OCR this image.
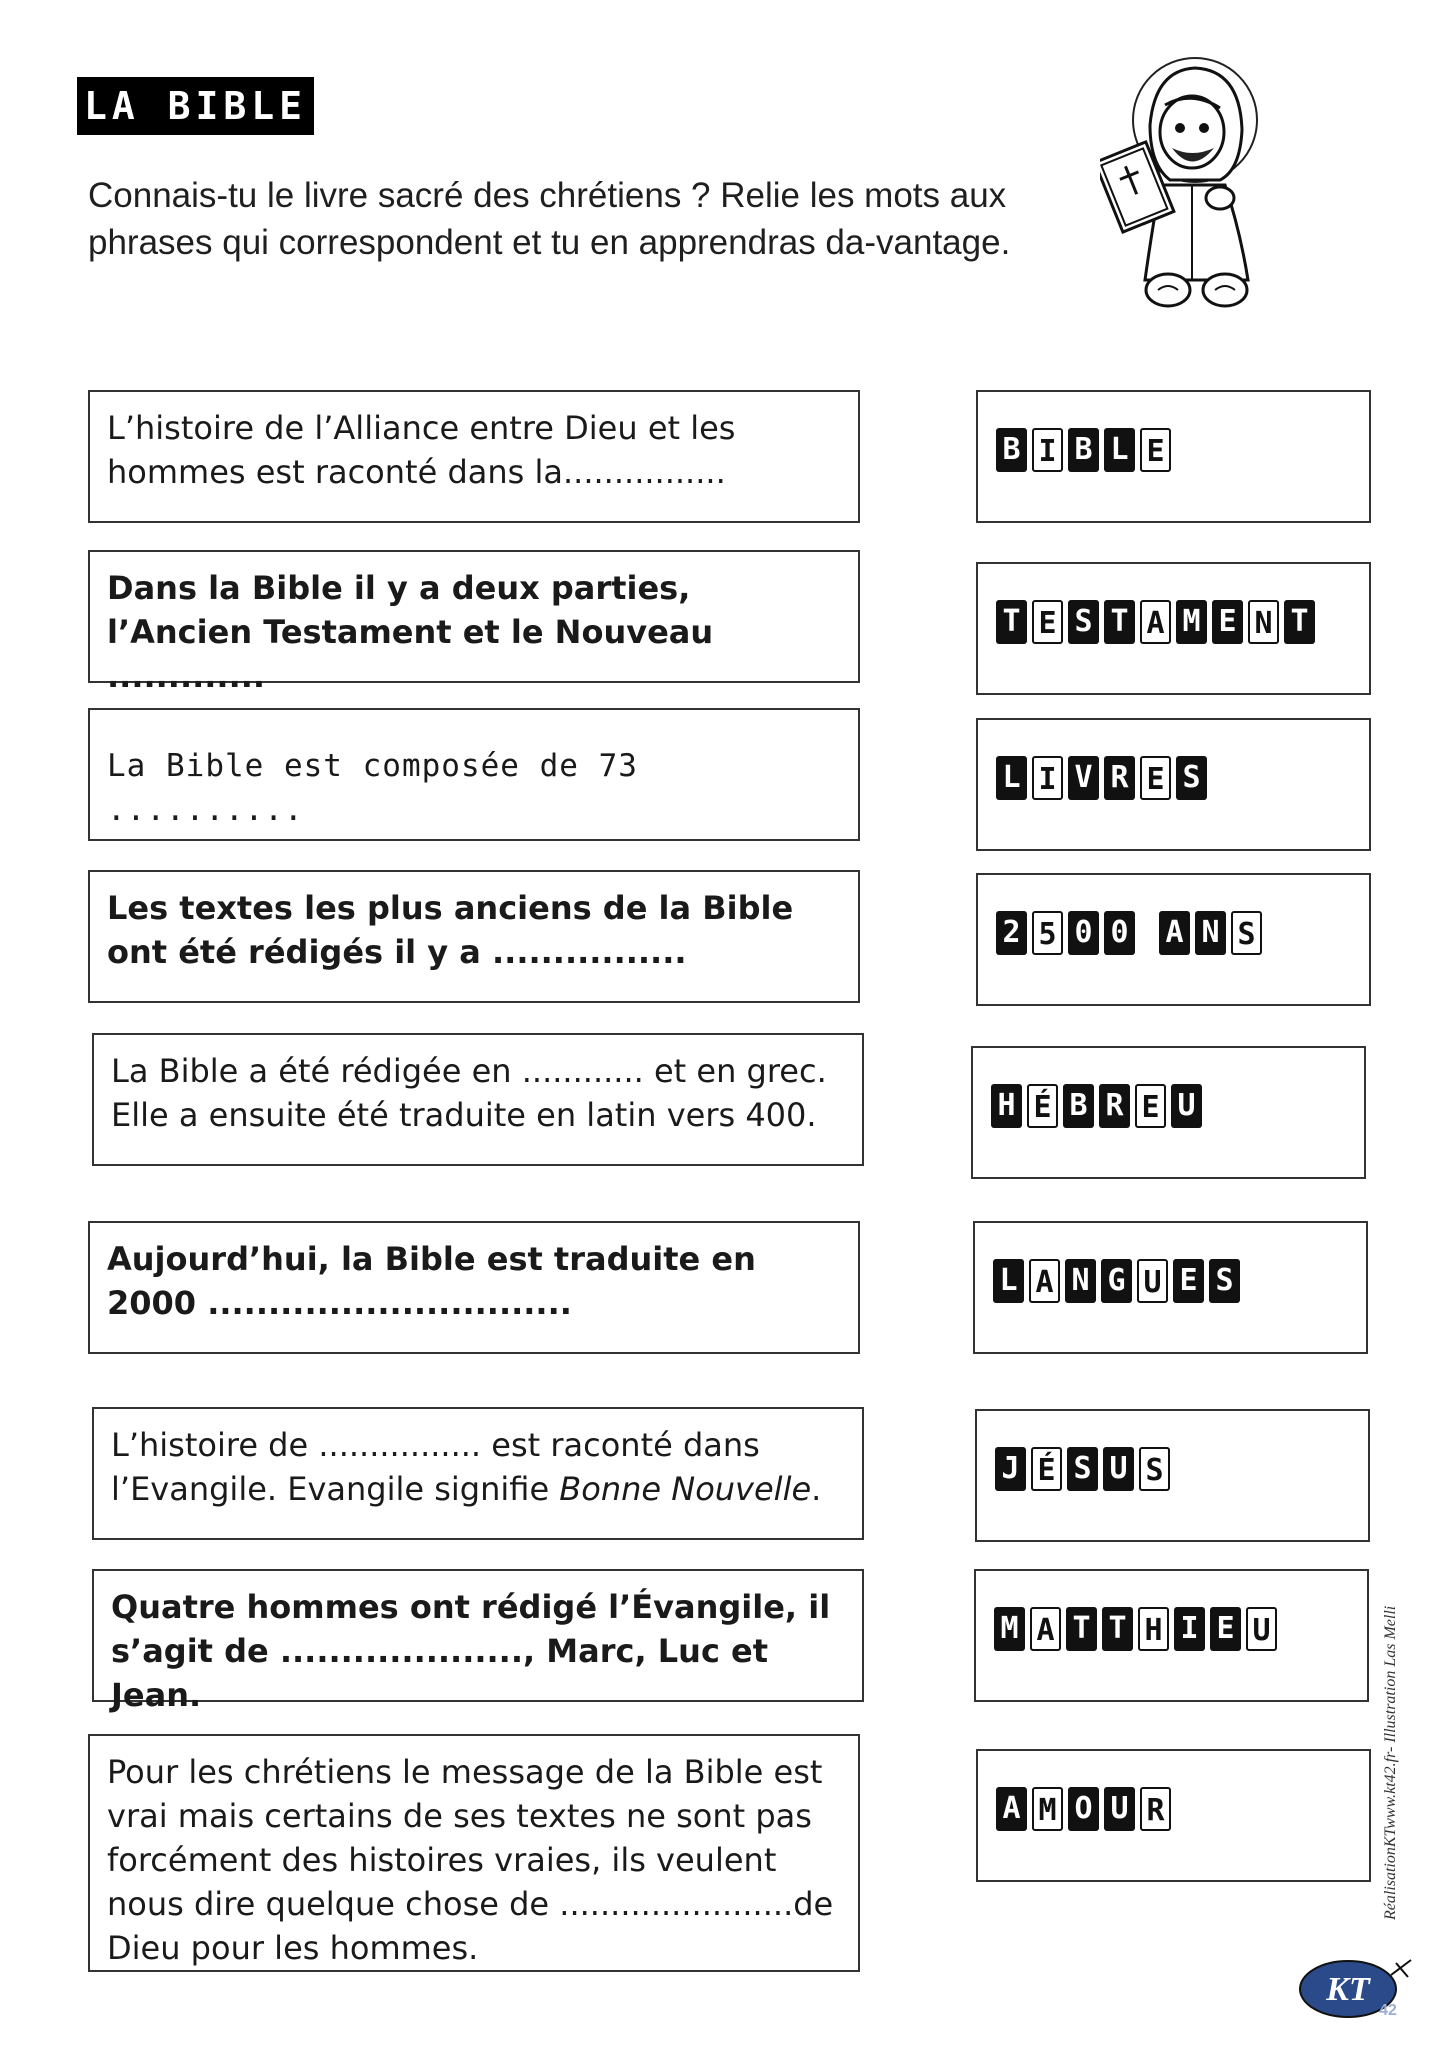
LA BIBLE
Connais-tu le livre sacré des chrétiens ? Relie les mots aux phrases qui correspondent et tu en apprendras da-vantage.
L’histoire de l’Alliance entre Dieu et les hommes est raconté dans la................
Dans la Bible il y a deux parties, l’Ancien Testament et le Nouveau .............
La Bible est composée de 73 ..........
Les textes les plus anciens de la Bible ont été rédigés il y a ................
La Bible a été rédigée en ............ et en grec. Elle a ensuite été traduite en latin vers 400.
Aujourd’hui, la Bible est traduite en 2000 ..............................
L’histoire de ................ est raconté dans l’Evangile. Evangile signifie Bonne Nouvelle.
Quatre hommes ont rédigé l’Évangile, il s’agit de ...................., Marc, Luc et Jean.
Pour les chrétiens le message de la Bible est vrai mais certains de ses textes ne sont pas forcément des histoires vraies, ils veulent nous dire quelque chose de .......................de Dieu pour les hommes.
B I B L E
T E S T A M E N T
L I V R E S
2 5 0 0 A N S
H É B R E U
L A N G U E S
J É S U S
M A T T H I E U
A M O U R	RéalisationKTwww.kt42.fr- Illustration Las Melli
KT
42
